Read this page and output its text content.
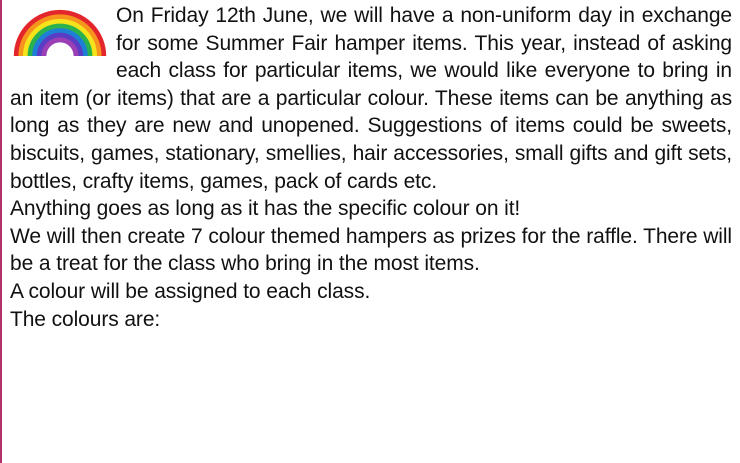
On Friday 12th June, we will have a non-uniform day in exchange for some Summer Fair hamper items. This year, instead of asking each class for particular items, we would like everyone to bring in an item (or items) that are a particular colour. These items can be anything as long as they are new and unopened. Suggestions of items could be sweets, biscuits, games, stationary, smellies, hair accessories, small gifts and gift sets, bottles, crafty items, games, pack of cards etc.
Anything goes as long as it has the specific colour on it!

We will then create 7 colour themed hampers as prizes for the raffle. There will be a treat for the class who bring in the most items.
A colour will be assigned to each class.

The colours are:
